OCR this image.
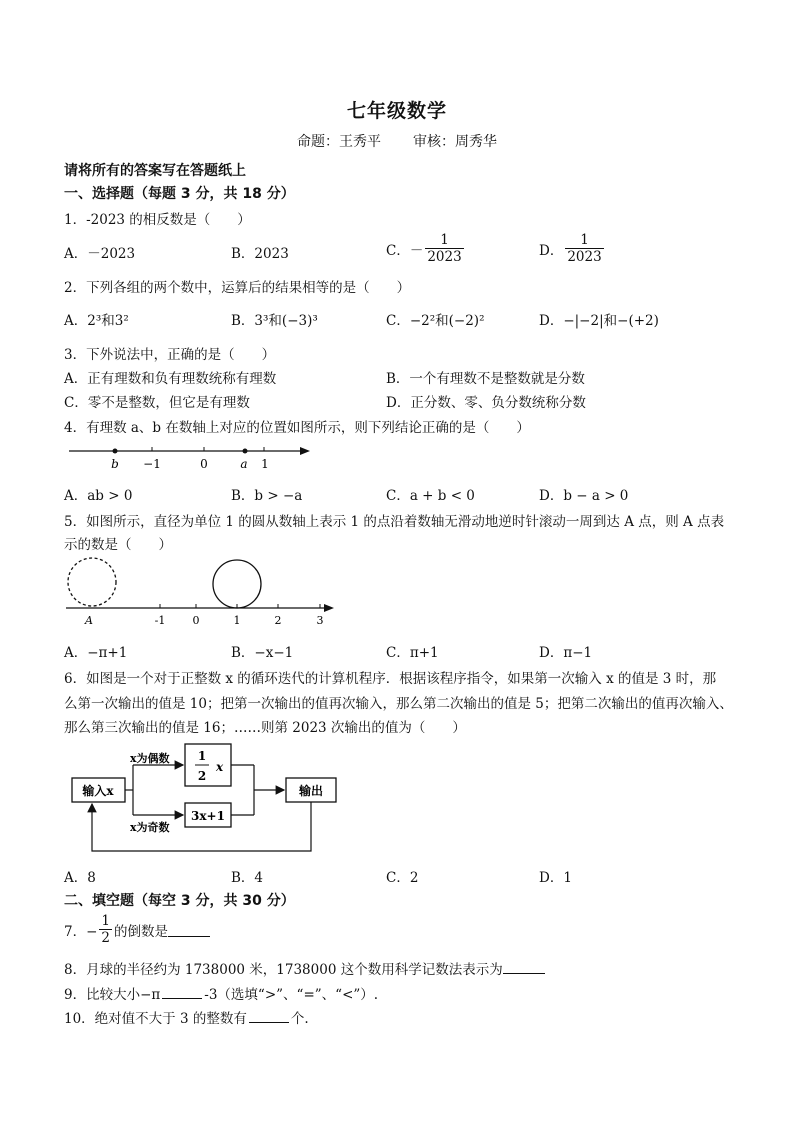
七年级数学
命题：王秀平 审核：周秀华
请将所有的答案写在答题纸上
一、选择题（每题 3 分，共 18 分）
1．-2023 的相反数是（　　）
A．－2023	B．2023	C．－ $\frac{1}{2023}$	D． $\frac{1}{2023}$
2．下列各组的两个数中，运算后的结果相等的是（　　）
A．2³和3²	B．3³和(−3)³	C．−2²和(−2)²	D．−|−2|和−(+2)
3．下外说法中，正确的是（　　）
A．正有理数和负有理数统称有理数	B．一个有理数不是整数就是分数
C．零不是整数，但它是有理数	D．正分数、零、负分数统称分数
4．有理数 a、b 在数轴上对应的位置如图所示，则下列结论正确的是（　　）
b −1	0	a 1
A．ab > 0	B．b > −a	C．a + b < 0	D．b − a > 0
5．如图所示，直径为单位 1 的圆从数轴上表示 1 的点沿着数轴无滑动地逆时针滚动一周到达 A 点，则 A 点表
示的数是（　　）
A	-1 0	1	2	3
A．−π+1	B．−x−1	C．π+1	D．π−1
6．如图是一个对于正整数 x 的循环迭代的计算机程序．根据该程序指令，如果第一次输入 x 的值是 3 时，那
么第一次输出的值是 10；把第一次输出的值再次输入，那么第二次输出的值是 5；把第二次输出的值再次输入、
那么第三次输出的值是 16；……则第 2023 次输出的值为（　　）
输入x
x为偶数
x为奇数
1
2
x
3x+1
输出
A．8	B．4	C．2	D．1
二、填空题（每空 3 分，共 30 分）
7．− $\frac{1}{2}$ 的倒数是
8．月球的半径约为 1738000 米，1738000 这个数用科学记数法表示为
9．比较大小−π	-3（选填“>”、“=”、“<”）.
10．绝对值不大于 3 的整数有	个.
